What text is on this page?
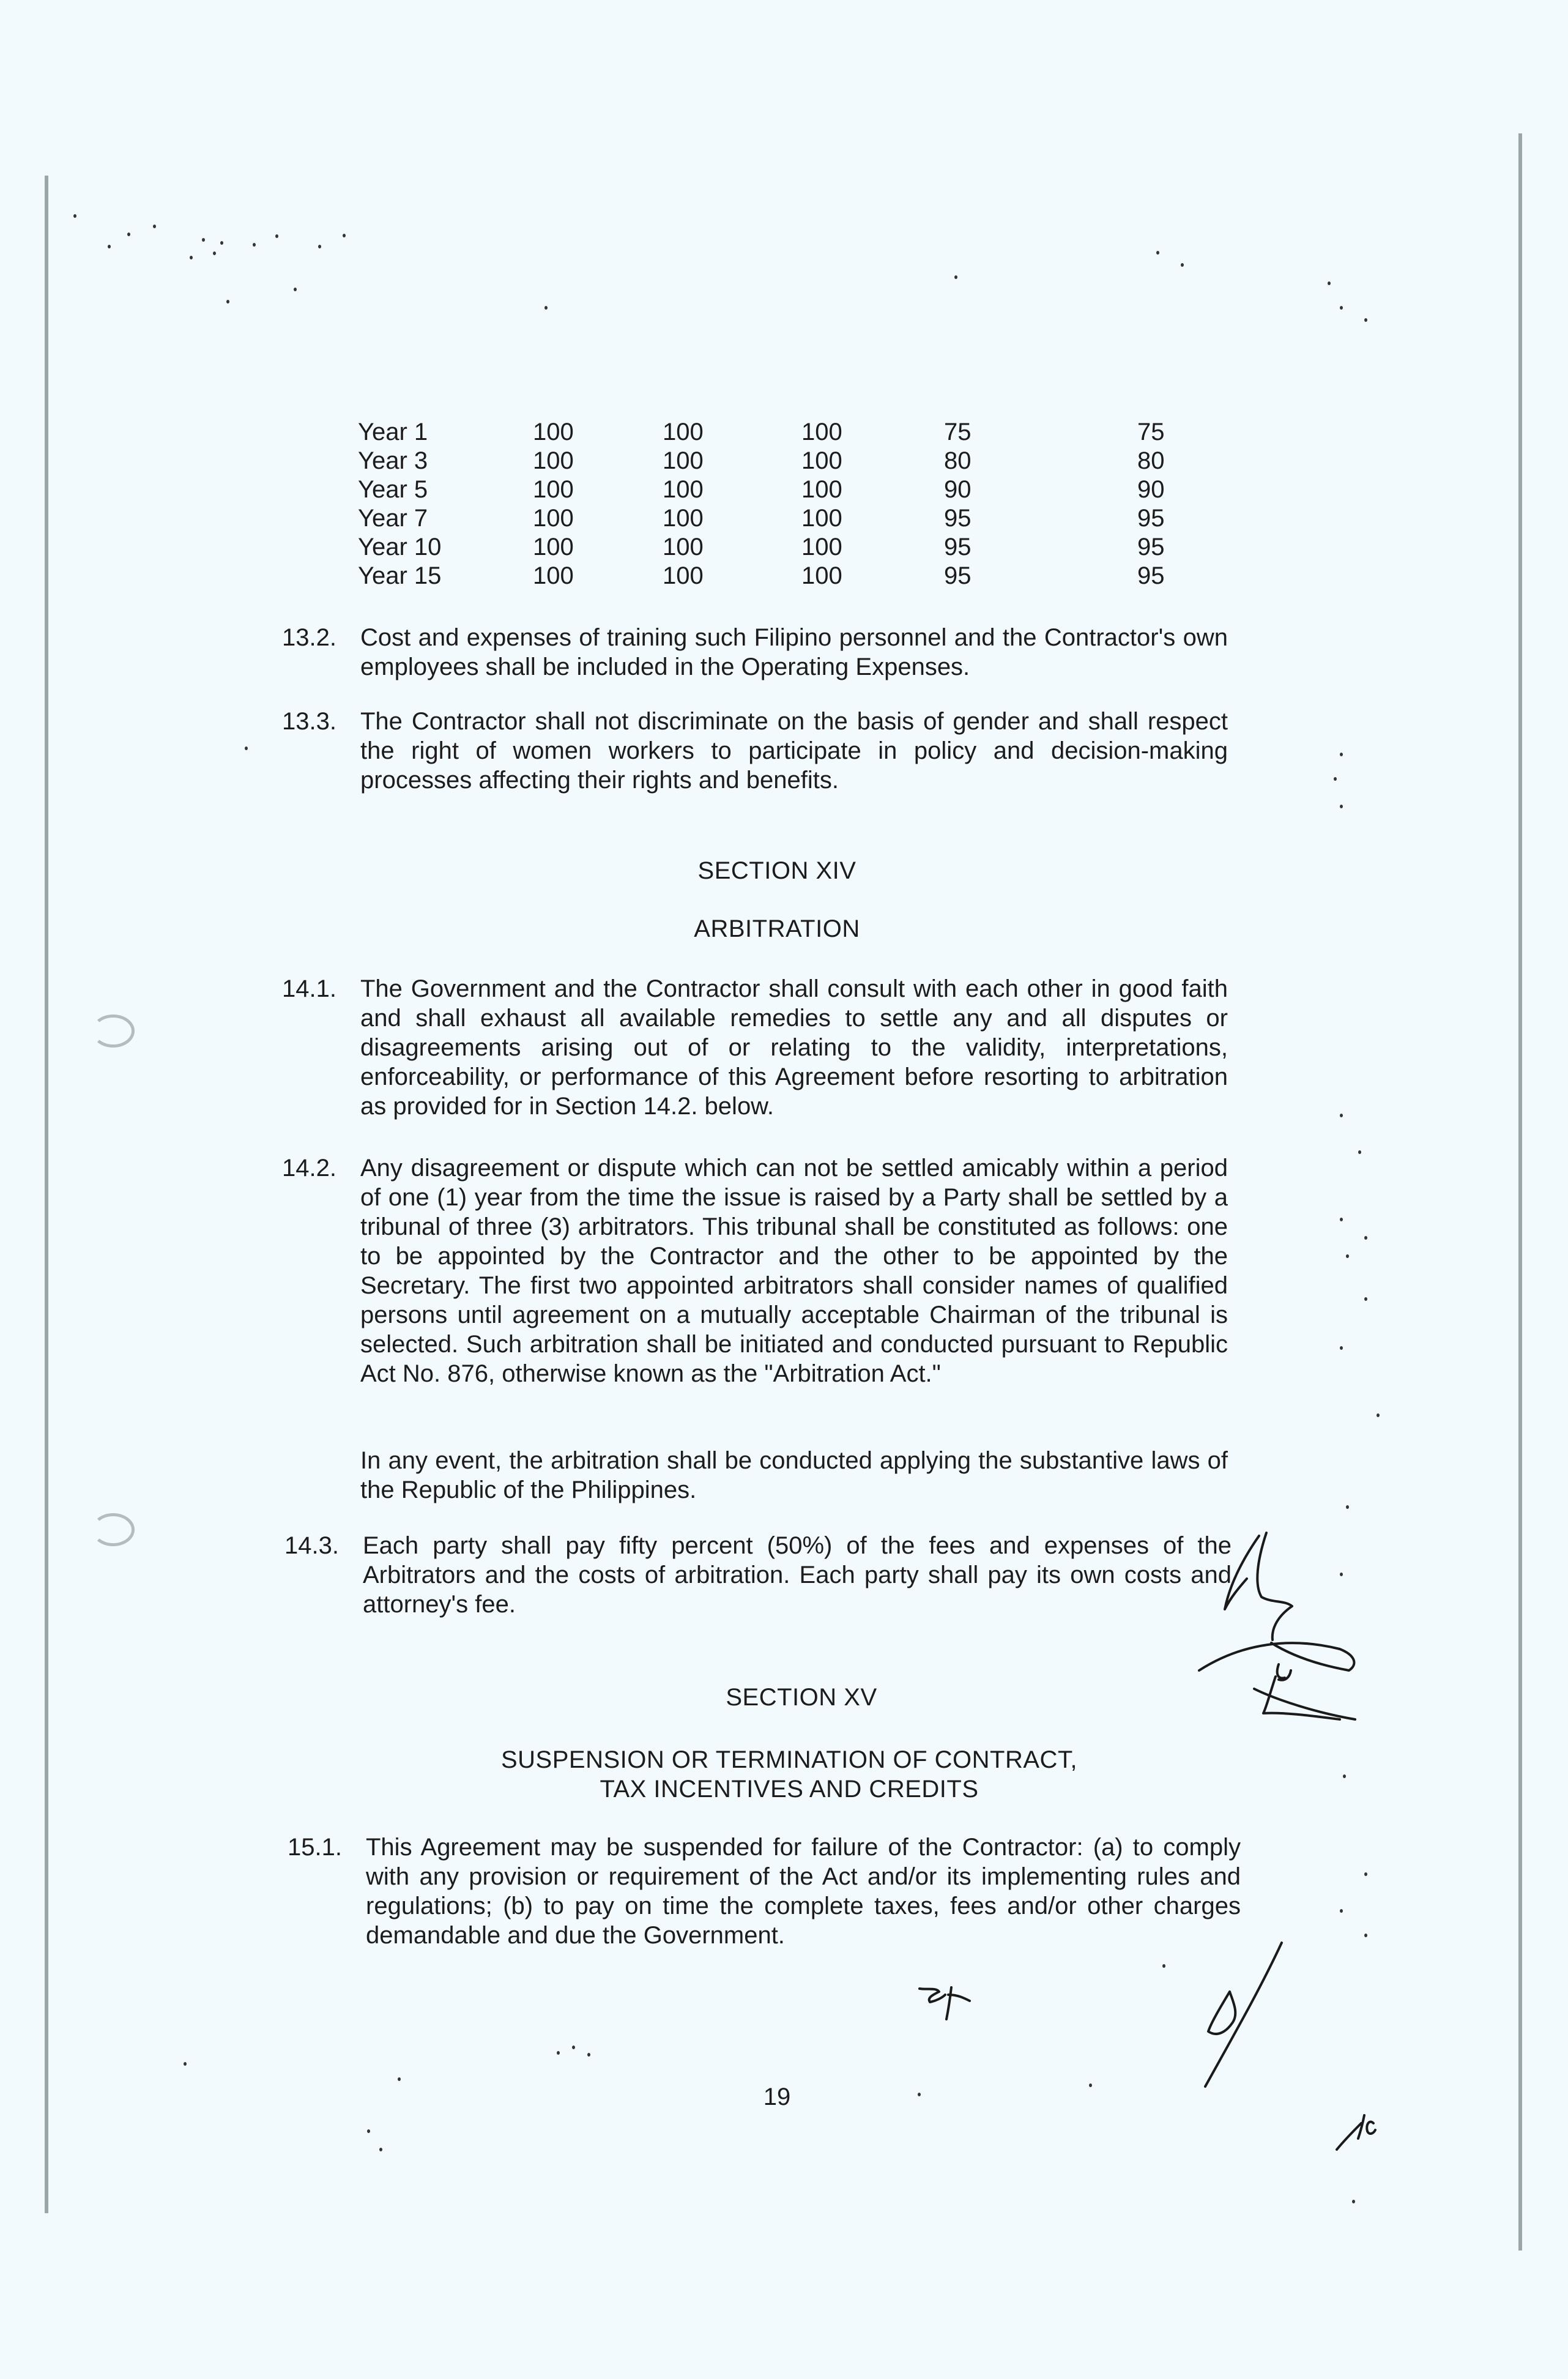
Year 1	100	100	100	75	75
Year 3	100	100	100	80	80
Year 5	100	100	100	90	90
Year 7	100	100	100	95	95
Year 10	100	100	100	95	95
Year 15	100	100	100	95	95
13.2. Cost and expenses of training such Filipino personnel and the Contractor's own employees shall be included in the Operating Expenses.
13.3. The Contractor shall not discriminate on the basis of gender and shall respect the right of women workers to participate in policy and decision-making processes affecting their rights and benefits.
SECTION XIV
ARBITRATION
14.1. The Government and the Contractor shall consult with each other in good faith and shall exhaust all available remedies to settle any and all disputes or disagreements arising out of or relating to the validity, interpretations, enforceability, or performance of this Agreement before resorting to arbitration as provided for in Section 14.2. below.
14.2. Any disagreement or dispute which can not be settled amicably within a period of one (1) year from the time the issue is raised by a Party shall be settled by a tribunal of three (3) arbitrators. This tribunal shall be constituted as follows: one to be appointed by the Contractor and the other to be appointed by the Secretary. The first two appointed arbitrators shall consider names of qualified persons until agreement on a mutually acceptable Chairman of the tribunal is selected. Such arbitration shall be initiated and conducted pursuant to Republic Act No. 876, otherwise known as the "Arbitration Act."
In any event, the arbitration shall be conducted applying the substantive laws of the Republic of the Philippines.
14.3. Each party shall pay fifty percent (50%) of the fees and expenses of the Arbitrators and the costs of arbitration. Each party shall pay its own costs and attorney's fee.
SECTION XV
SUSPENSION OR TERMINATION OF CONTRACT,
TAX INCENTIVES AND CREDITS
15.1. This Agreement may be suspended for failure of the Contractor: (a) to comply with any provision or requirement of the Act and/or its implementing rules and regulations; (b) to pay on time the complete taxes, fees and/or other charges demandable and due the Government.
19
